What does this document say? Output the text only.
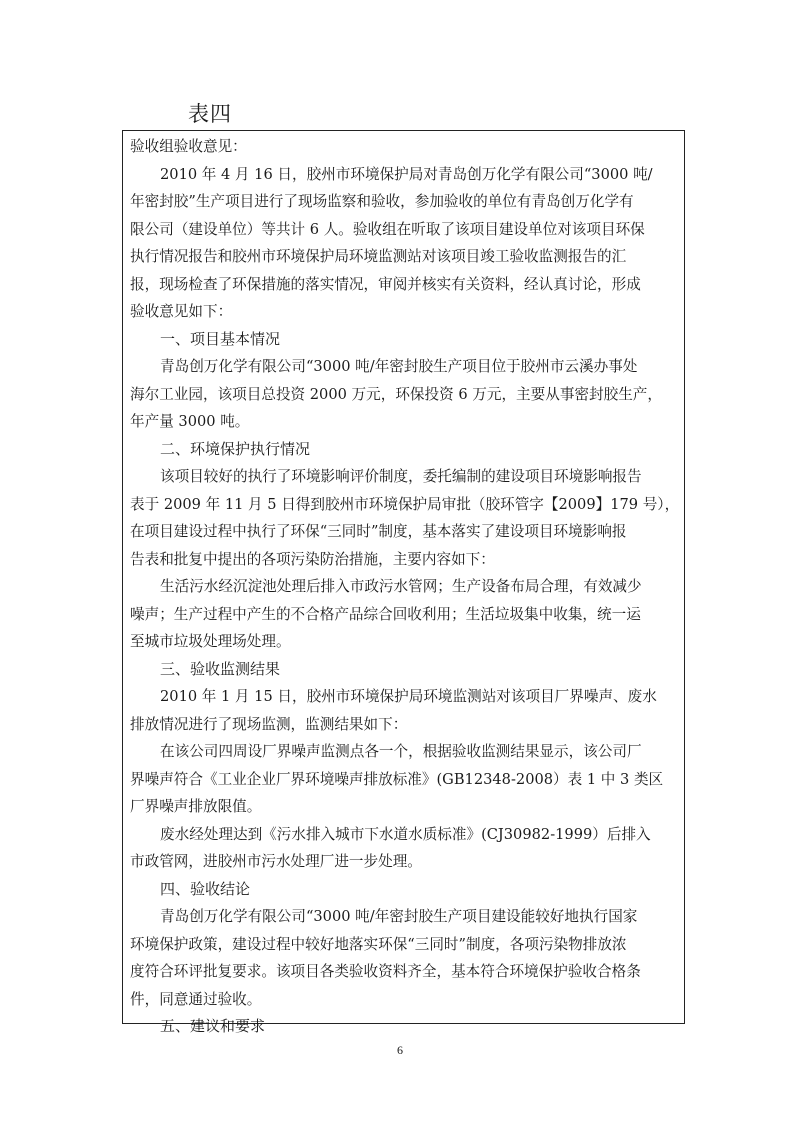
表四
验收组验收意见：
2010 年 4 月 16 日，胶州市环境保护局对青岛创万化学有限公司“3000 吨/
年密封胶”生产项目进行了现场监察和验收，参加验收的单位有青岛创万化学有
限公司（建设单位）等共计 6 人。验收组在听取了该项目建设单位对该项目环保
执行情况报告和胶州市环境保护局环境监测站对该项目竣工验收监测报告的汇
报，现场检查了环保措施的落实情况，审阅并核实有关资料，经认真讨论，形成
验收意见如下：
一、项目基本情况
青岛创万化学有限公司“3000 吨/年密封胶生产项目位于胶州市云溪办事处
海尔工业园，该项目总投资 2000 万元，环保投资 6 万元，主要从事密封胶生产，
年产量 3000 吨。
二、环境保护执行情况
该项目较好的执行了环境影响评价制度，委托编制的建设项目环境影响报告
表于 2009 年 11 月 5 日得到胶州市环境保护局审批（胶环管字【2009】179 号），
在项目建设过程中执行了环保“三同时”制度，基本落实了建设项目环境影响报
告表和批复中提出的各项污染防治措施，主要内容如下：
生活污水经沉淀池处理后排入市政污水管网；生产设备布局合理，有效减少
噪声；生产过程中产生的不合格产品综合回收利用；生活垃圾集中收集，统一运
至城市垃圾处理场处理。
三、验收监测结果
2010 年 1 月 15 日，胶州市环境保护局环境监测站对该项目厂界噪声、废水
排放情况进行了现场监测，监测结果如下：
在该公司四周设厂界噪声监测点各一个，根据验收监测结果显示，该公司厂
界噪声符合《工业企业厂界环境噪声排放标准》(GB12348-2008）表 1 中 3 类区
厂界噪声排放限值。
废水经处理达到《污水排入城市下水道水质标准》(CJ30982-1999）后排入
市政管网，进胶州市污水处理厂进一步处理。
四、验收结论
青岛创万化学有限公司“3000 吨/年密封胶生产项目建设能较好地执行国家
环境保护政策，建设过程中较好地落实环保“三同时”制度，各项污染物排放浓
度符合环评批复要求。该项目各类验收资料齐全，基本符合环境保护验收合格条
件，同意通过验收。
五、建议和要求
6
